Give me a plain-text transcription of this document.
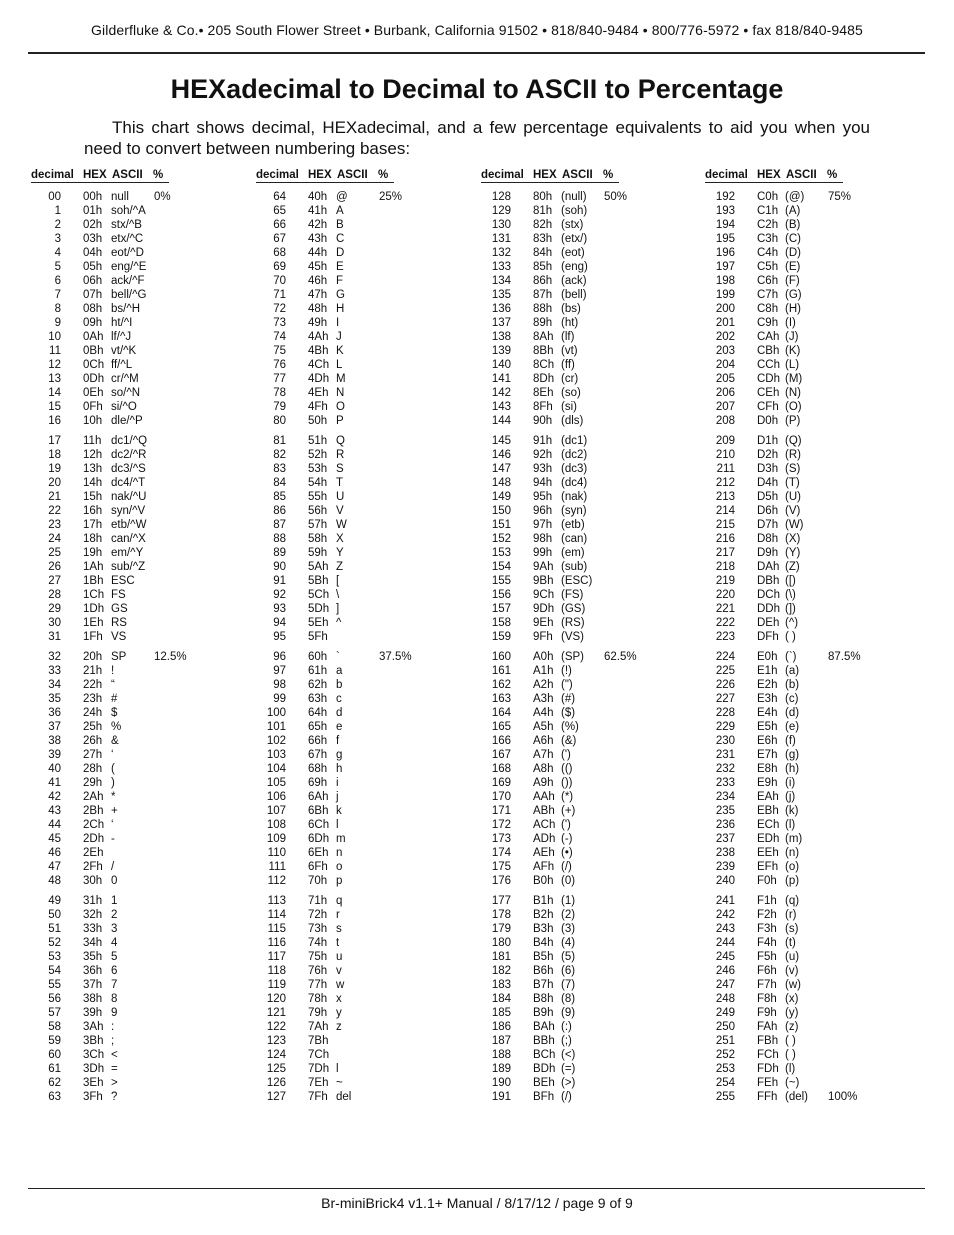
Gilderfluke & Co.• 205 South Flower Street • Burbank, California 91502 • 818/840-9484 • 800/776-5972 • fax 818/840-9485
HEXadecimal to Decimal to ASCII to Percentage
This chart shows decimal, HEXadecimal, and a few percentage equivalents to aid you when you need to convert between numbering bases:
decimal HEX ASCII %
00 00h null 0%
1 01h soh/^A
2 02h stx/^B
3 03h etx/^C
4 04h eot/^D
5 05h eng/^E
6 06h ack/^F
7 07h bell/^G
8 08h bs/^H
9 09h ht/^I
10 0Ah lf/^J
11 0Bh vt/^K
12 0Ch ff/^L
13 0Dh cr/^M
14 0Eh so/^N
15 0Fh si/^O
16 10h dle/^P
17 11h dc1/^Q
18 12h dc2/^R
19 13h dc3/^S
20 14h dc4/^T
21 15h nak/^U
22 16h syn/^V
23 17h etb/^W
24 18h can/^X
25 19h em/^Y
26 1Ah sub/^Z
27 1Bh ESC
28 1Ch FS
29 1Dh GS
30 1Eh RS
31 1Fh VS
32 20h SP 12.5%
33 21h !
34 22h “
35 23h #
36 24h $
37 25h %
38 26h &
39 27h ‘
40 28h (
41 29h )
42 2Ah *
43 2Bh +
44 2Ch ‘
45 2Dh -
46 2Eh
47 2Fh /
48 30h 0
49 31h 1
50 32h 2
51 33h 3
52 34h 4
53 35h 5
54 36h 6
55 37h 7
56 38h 8
57 39h 9
58 3Ah :
59 3Bh ;
60 3Ch <
61 3Dh =
62 3Eh >
63 3Fh ?
decimal HEX ASCII %
64 40h @	25%
65 41h A
66 42h B
67 43h C
68 44h D
69 45h E
70 46h F
71 47h G
72 48h H
73 49h I
74 4Ah J
75 4Bh K
76 4Ch L
77 4Dh M
78 4Eh N
79 4Fh O
80 50h P
81 51h Q
82 52h R
83 53h S
84 54h T
85 55h U
86 56h V
87 57h W
88 58h X
89 59h Y
90 5Ah Z
91 5Bh [
92 5Ch \
93 5Dh ]
94 5Eh ^
95 5Fh
96 60h `	37.5%
97 61h a
98 62h b
99 63h c
100 64h d
101 65h e
102 66h f
103 67h g
104 68h h
105 69h i
106 6Ah j
107 6Bh k
108 6Ch l
109 6Dh m
110 6Eh n
111 6Fh o
112 70h p
113 71h q
114 72h r
115 73h s
116 74h t
117 75h u
118 76h v
119 77h w
120 78h x
121 79h y
122 7Ah z
123 7Bh
124 7Ch
125 7Dh l
126 7Eh ~
127 7Fh del
decimal HEX ASCII %
128 80h (null) 50%
129 81h (soh)
130 82h (stx)
131 83h (etx/)
132 84h (eot)
133 85h (eng)
134 86h (ack)
135 87h (bell)
136 88h (bs)
137 89h (ht)
138 8Ah (lf)
139 8Bh (vt)
140 8Ch (ff)
141 8Dh (cr)
142 8Eh (so)
143 8Fh (si)
144 90h (dls)
145 91h (dc1)
146 92h (dc2)
147 93h (dc3)
148 94h (dc4)
149 95h (nak)
150 96h (syn)
151 97h (etb)
152 98h (can)
153 99h (em)
154 9Ah (sub)
155 9Bh (ESC)
156 9Ch (FS)
157 9Dh (GS)
158 9Eh (RS)
159 9Fh (VS)
160 A0h (SP) 62.5%
161 A1h (!)
162 A2h (")
163 A3h (#)
164 A4h ($)
165 A5h (%)
166 A6h (&)
167 A7h (')
168 A8h (()
169 A9h ())
170 AAh (*)
171 ABh (+)
172 ACh (')
173 ADh (-)
174 AEh (•)
175 AFh (/)
176 B0h (0)
177 B1h (1)
178 B2h (2)
179 B3h (3)
180 B4h (4)
181 B5h (5)
182 B6h (6)
183 B7h (7)
184 B8h (8)
185 B9h (9)
186 BAh (:)
187 BBh (;)
188 BCh (<)
189 BDh (=)
190 BEh (>)
191 BFh (/)
decimal HEX ASCII %
192 C0h (@) 75%
193 C1h (A)
194 C2h (B)
195 C3h (C)
196 C4h (D)
197 C5h (E)
198 C6h (F)
199 C7h (G)
200 C8h (H)
201 C9h (I)
202 CAh (J)
203 CBh (K)
204 CCh (L)
205 CDh (M)
206 CEh (N)
207 CFh (O)
208 D0h (P)
209 D1h (Q)
210 D2h (R)
211 D3h (S)
212 D4h (T)
213 D5h (U)
214 D6h (V)
215 D7h (W)
216 D8h (X)
217 D9h (Y)
218 DAh (Z)
219 DBh ([)
220 DCh (\)
221 DDh (])
222 DEh (^)
223 DFh ( )
224 E0h (`)	87.5%
225 E1h (a)
226 E2h (b)
227 E3h (c)
228 E4h (d)
229 E5h (e)
230 E6h (f)
231 E7h (g)
232 E8h (h)
233 E9h (i)
234 EAh (j)
235 EBh (k)
236 ECh (l)
237 EDh (m)
238 EEh (n)
239 EFh (o)
240 F0h (p)
241 F1h (q)
242 F2h (r)
243 F3h (s)
244 F4h (t)
245 F5h (u)
246 F6h (v)
247 F7h (w)
248 F8h (x)
249 F9h (y)
250 FAh (z)
251 FBh ( )
252 FCh ( )
253 FDh (l)
254 FEh (~)
255 FFh (del) 100%
Br-miniBrick4 v1.1+ Manual / 8/17/12 / page 9 of 9
